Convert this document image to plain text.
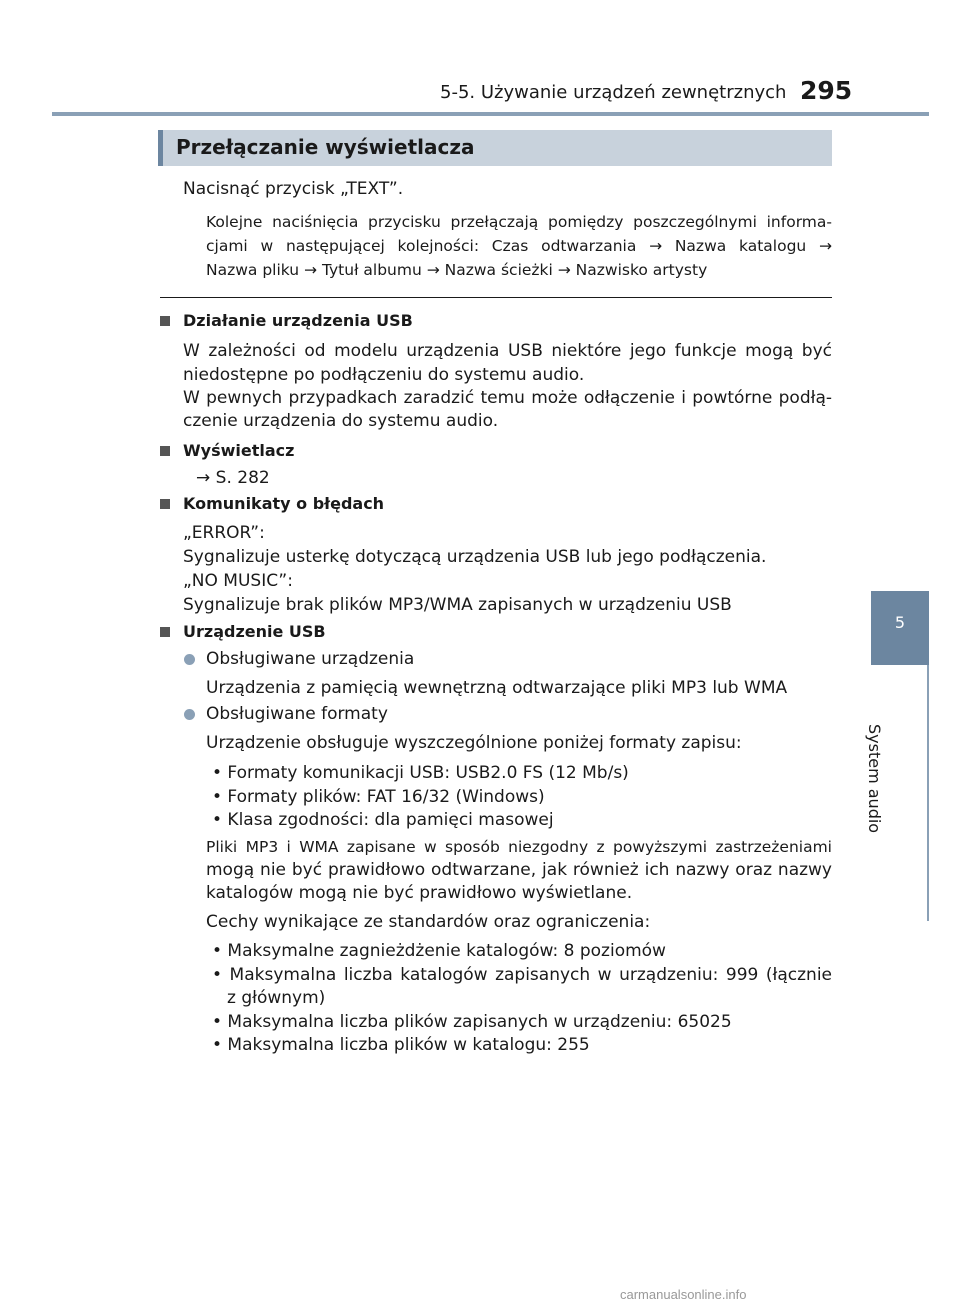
5-5. Używanie urządzeń zewnętrznych 295
Przełączanie wyświetlacza
5
System audio
Nacisnąć przycisk „TEXT”.
Kolejne naciśnięcia przycisku przełączają pomiędzy poszczególnymi informa-
cjami w następującej kolejności: Czas odtwarzania → Nazwa katalogu →
Nazwa pliku → Tytuł albumu → Nazwa ścieżki → Nazwisko artysty
Działanie urządzenia USB
W zależności od modelu urządzenia USB niektóre jego funkcje mogą być
niedostępne po podłączeniu do systemu audio.
W pewnych przypadkach zaradzić temu może odłączenie i powtórne podłą-
czenie urządzenia do systemu audio.
Wyświetlacz
→ S. 282
Komunikaty o błędach
„ERROR”:
Sygnalizuje usterkę dotyczącą urządzenia USB lub jego podłączenia.
„NO MUSIC”:
Sygnalizuje brak plików MP3/WMA zapisanych w urządzeniu USB
Urządzenie USB
Obsługiwane urządzenia
Urządzenia z pamięcią wewnętrzną odtwarzające pliki MP3 lub WMA
Obsługiwane formaty
Urządzenie obsługuje wyszczególnione poniżej formaty zapisu:
• Formaty komunikacji USB: USB2.0 FS (12 Mb/s)
• Formaty plików: FAT 16/32 (Windows)
• Klasa zgodności: dla pamięci masowej
Pliki MP3 i WMA zapisane w sposób niezgodny z powyższymi zastrzeżeniami
mogą nie być prawidłowo odtwarzane, jak również ich nazwy oraz nazwy
katalogów mogą nie być prawidłowo wyświetlane.
Cechy wynikające ze standardów oraz ograniczenia:
• Maksymalne zagnieżdżenie katalogów: 8 poziomów
• Maksymalna liczba katalogów zapisanych w urządzeniu: 999 (łącznie
z głównym)
• Maksymalna liczba plików zapisanych w urządzeniu: 65025
• Maksymalna liczba plików w katalogu: 255
carmanualsonline.info
